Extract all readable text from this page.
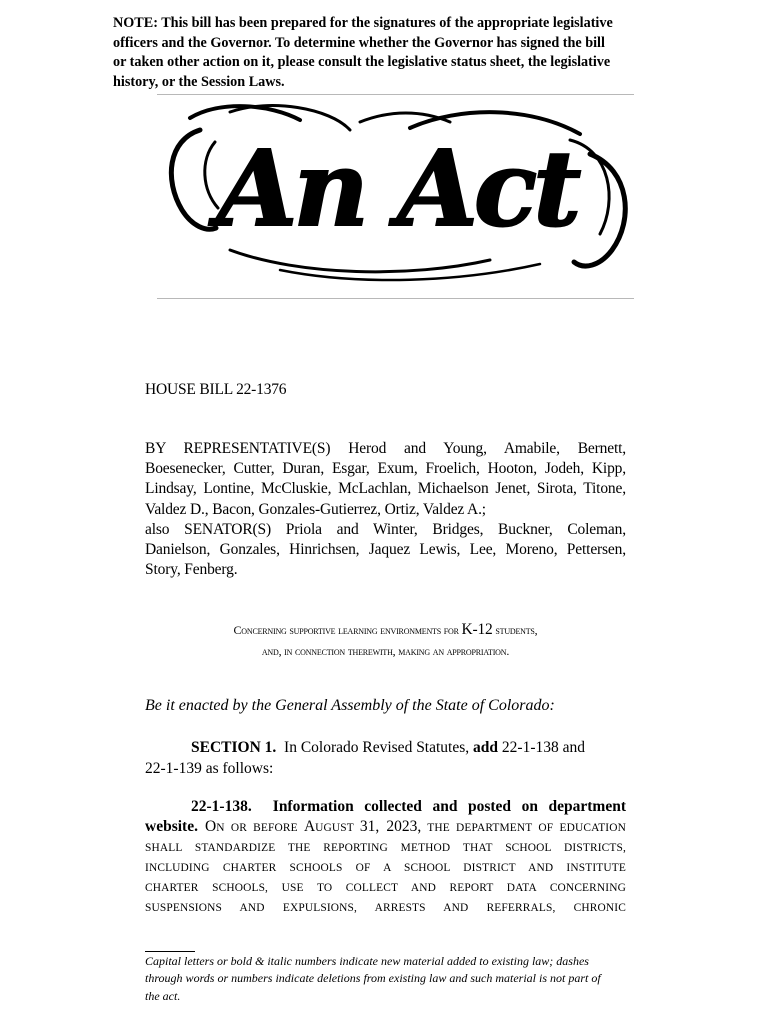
NOTE: This bill has been prepared for the signatures of the appropriate legislative
officers and the Governor. To determine whether the Governor has signed the bill
or taken other action on it, please consult the legislative status sheet, the legislative
history, or the Session Laws.
An Act
HOUSE BILL 22-1376
BY REPRESENTATIVE(S) Herod and Young, Amabile, Bernett,
Boesenecker, Cutter, Duran, Esgar, Exum, Froelich, Hooton, Jodeh, Kipp,
Lindsay, Lontine, McCluskie, McLachlan, Michaelson Jenet, Sirota, Titone,
Valdez D., Bacon, Gonzales-Gutierrez, Ortiz, Valdez A.;
also SENATOR(S) Priola and Winter, Bridges, Buckner, Coleman,
Danielson, Gonzales, Hinrichsen, Jaquez Lewis, Lee, Moreno, Pettersen,
Story, Fenberg.
Concerning supportive learning environments for K-12 students,
and, in connection therewith, making an appropriation.
Be it enacted by the General Assembly of the State of Colorado:
SECTION 1. In Colorado Revised Statutes, add 22-1-138 and
22-1-139 as follows:
22-1-138. Information collected and posted on department
website. ON OR BEFORE AUGUST 31, 2023, THE DEPARTMENT OF EDUCATION
SHALL STANDARDIZE THE REPORTING METHOD THAT SCHOOL DISTRICTS,
INCLUDING CHARTER SCHOOLS OF A SCHOOL DISTRICT AND INSTITUTE
CHARTER SCHOOLS, USE TO COLLECT AND REPORT DATA CONCERNING
SUSPENSIONS AND EXPULSIONS, ARRESTS AND REFERRALS, CHRONIC
Capital letters or bold & italic numbers indicate new material added to existing law; dashes
through words or numbers indicate deletions from existing law and such material is not part of
the act.
